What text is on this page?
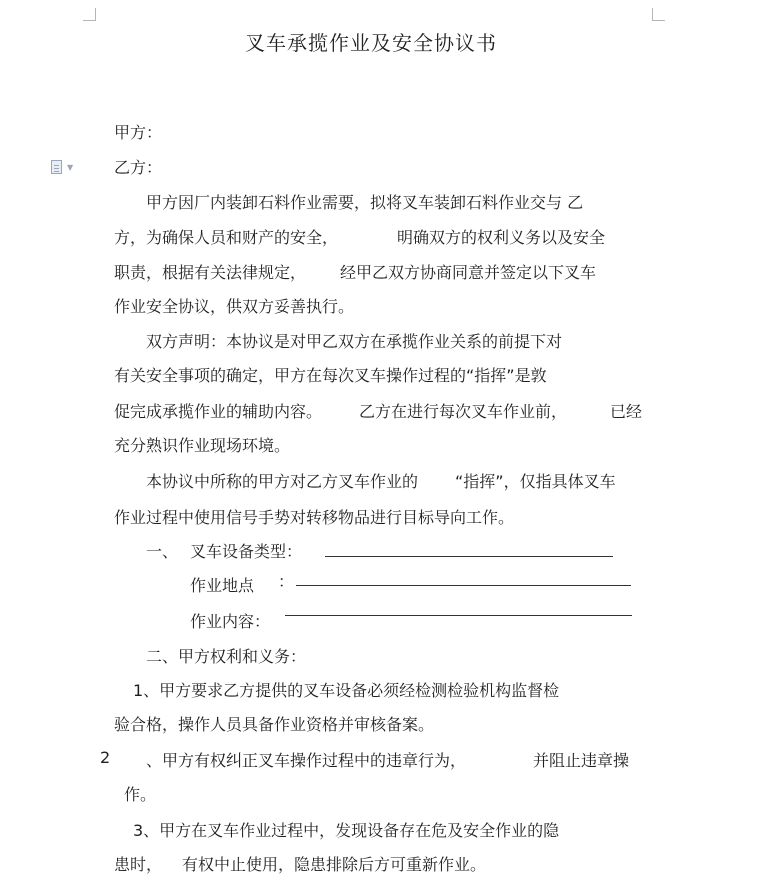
叉车承揽作业及安全协议书
甲方：
乙方：
▼
甲方因厂内装卸石料作业需要，拟将叉车装卸石料作业交与 乙
方，为确保人员和财产的安全，	明确双方的权利义务以及安全
职责，根据有关法律规定， 经甲乙双方协商同意并签定以下叉车
作业安全协议，供双方妥善执行。
双方声明：本协议是对甲乙双方在承揽作业关系的前提下对
有关安全事项的确定，甲方在每次叉车操作过程的“指挥”是敦
促完成承揽作业的辅助内容。 乙方在进行每次叉车作业前，	已经
充分熟识作业现场环境。
本协议中所称的甲方对乙方叉车作业的 “指挥”，仅指具体叉车
作业过程中使用信号手势对转移物品进行目标导向工作。
一、 叉车设备类型：
作业地点 ：
作业内容：
二、甲方权利和义务：
1、甲方要求乙方提供的叉车设备必须经检测检验机构监督检
验合格，操作人员具备作业资格并审核备案。
2 、甲方有权纠正叉车操作过程中的违章行为，	并阻止违章操
作。
3、甲方在叉车作业过程中，发现设备存在危及安全作业的隐
患时， 有权中止使用，隐患排除后方可重新作业。
